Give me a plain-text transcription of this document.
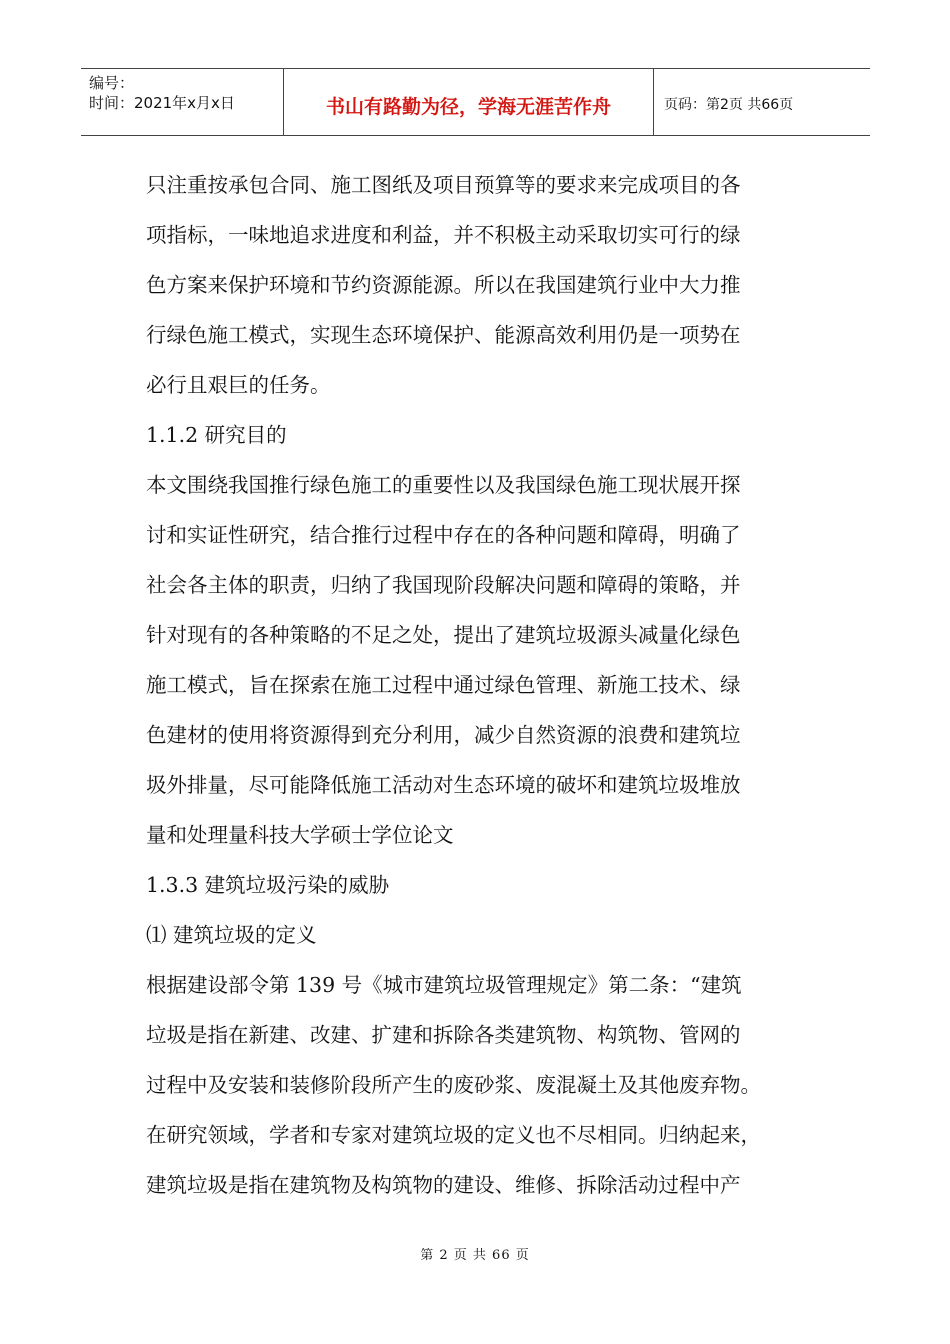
编号：
时间：2021年x月x日	书山有路勤为径，学海无涯苦作舟	页码：第2页 共66页

只注重按承包合同、施工图纸及项目预算等的要求来完成项目的各

项指标，一味地追求进度和利益，并不积极主动采取切实可行的绿

色方案来保护环境和节约资源能源。所以在我国建筑行业中大力推

行绿色施工模式，实现生态环境保护、能源高效利用仍是一项势在

必行且艰巨的任务。

1.1.2 研究目的

本文围绕我国推行绿色施工的重要性以及我国绿色施工现状展开探

讨和实证性研究，结合推行过程中存在的各种问题和障碍，明确了

社会各主体的职责，归纳了我国现阶段解决问题和障碍的策略，并

针对现有的各种策略的不足之处，提出了建筑垃圾源头减量化绿色

施工模式，旨在探索在施工过程中通过绿色管理、新施工技术、绿

色建材的使用将资源得到充分利用，减少自然资源的浪费和建筑垃

圾外排量，尽可能降低施工活动对生态环境的破坏和建筑垃圾堆放

量和处理量科技大学硕士学位论文

1.3.3 建筑垃圾污染的威胁

⑴ 建筑垃圾的定义

根据建设部令第 139 号《城市建筑垃圾管理规定》第二条：“建筑

垃圾是指在新建、改建、扩建和拆除各类建筑物、构筑物、管网的

过程中及安装和装修阶段所产生的废砂浆、废混凝土及其他废弃物。

在研究领域，学者和专家对建筑垃圾的定义也不尽相同。归纳起来，

建筑垃圾是指在建筑物及构筑物的建设、维修、拆除活动过程中产

第 2 页 共 66 页
